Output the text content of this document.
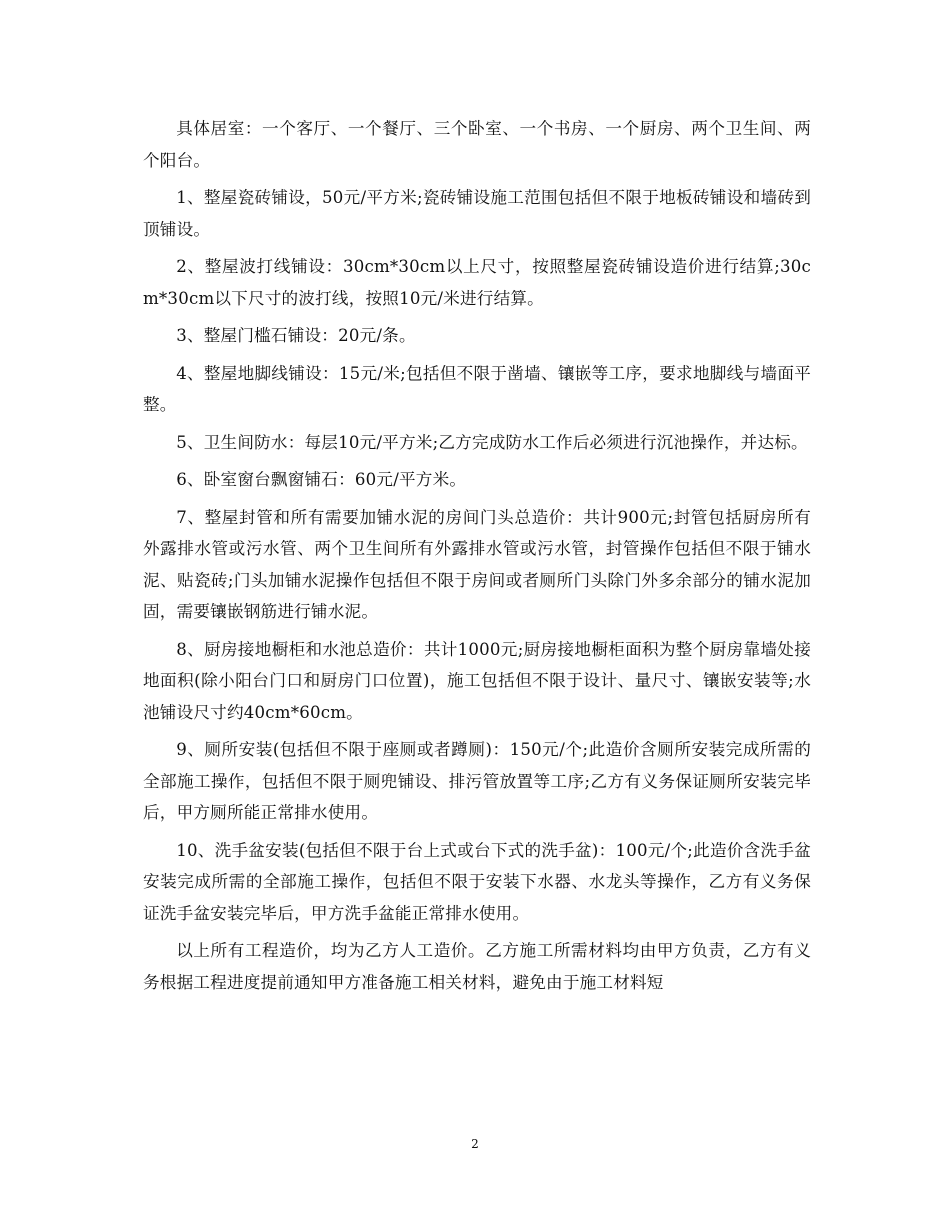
具体居室：一个客厅、一个餐厅、三个卧室、一个书房、一个厨房、两个卫生间、两个阳台。

1、整屋瓷砖铺设，50元/平方米;瓷砖铺设施工范围包括但不限于地板砖铺设和墙砖到顶铺设。

2、整屋波打线铺设：30cm*30cm以上尺寸，按照整屋瓷砖铺设造价进行结算;30cm*30cm以下尺寸的波打线，按照10元/米进行结算。

3、整屋门槛石铺设：20元/条。

4、整屋地脚线铺设：15元/米;包括但不限于凿墙、镶嵌等工序，要求地脚线与墙面平整。

5、卫生间防水：每层10元/平方米;乙方完成防水工作后必须进行沉池操作，并达标。

6、卧室窗台飘窗铺石：60元/平方米。

7、整屋封管和所有需要加铺水泥的房间门头总造价：共计900元;封管包括厨房所有外露排水管或污水管、两个卫生间所有外露排水管或污水管，封管操作包括但不限于铺水泥、贴瓷砖;门头加铺水泥操作包括但不限于房间或者厕所门头除门外多余部分的铺水泥加固，需要镶嵌钢筋进行铺水泥。

8、厨房接地橱柜和水池总造价：共计1000元;厨房接地橱柜面积为整个厨房靠墙处接地面积(除小阳台门口和厨房门口位置)，施工包括但不限于设计、量尺寸、镶嵌安装等;水池铺设尺寸约40cm*60cm。

9、厕所安装(包括但不限于座厕或者蹲厕)：150元/个;此造价含厕所安装完成所需的全部施工操作，包括但不限于厕兜铺设、排污管放置等工序;乙方有义务保证厕所安装完毕后，甲方厕所能正常排水使用。

10、洗手盆安装(包括但不限于台上式或台下式的洗手盆)：100元/个;此造价含洗手盆安装完成所需的全部施工操作，包括但不限于安装下水器、水龙头等操作，乙方有义务保证洗手盆安装完毕后，甲方洗手盆能正常排水使用。

以上所有工程造价，均为乙方人工造价。乙方施工所需材料均由甲方负责，乙方有义务根据工程进度提前通知甲方准备施工相关材料，避免由于施工材料短

2
